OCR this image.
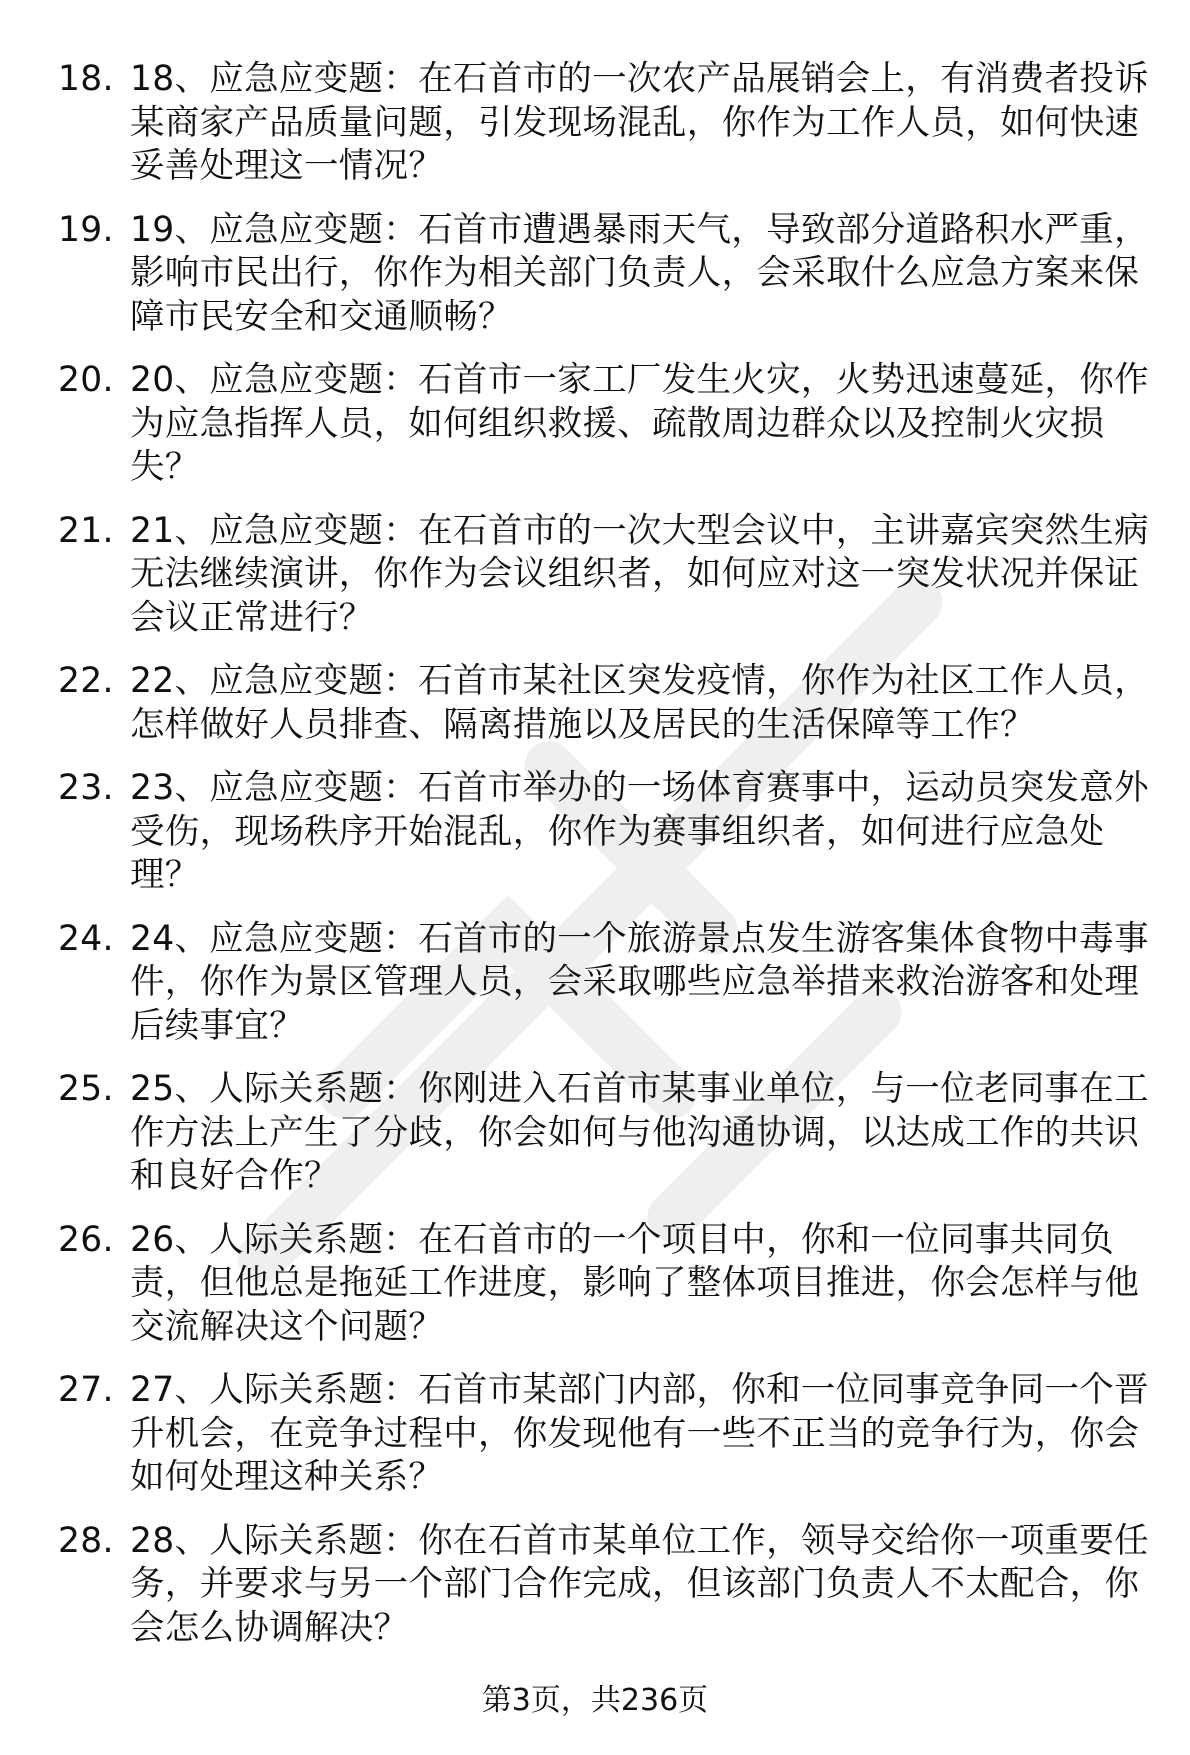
18. 18、应急应变题：在石首市的一次农产品展销会上，有消费者投诉某商家产品质量问题，引发现场混乱，你作为工作人员，如何快速妥善处理这一情况？
19. 19、应急应变题：石首市遭遇暴雨天气，导致部分道路积水严重，影响市民出行，你作为相关部门负责人，会采取什么应急方案来保障市民安全和交通顺畅？
20. 20、应急应变题：石首市一家工厂发生火灾，火势迅速蔓延，你作为应急指挥人员，如何组织救援、疏散周边群众以及控制火灾损失？
21. 21、应急应变题：在石首市的一次大型会议中，主讲嘉宾突然生病无法继续演讲，你作为会议组织者，如何应对这一突发状况并保证会议正常进行？
22. 22、应急应变题：石首市某社区突发疫情，你作为社区工作人员，怎样做好人员排查、隔离措施以及居民的生活保障等工作？
23. 23、应急应变题：石首市举办的一场体育赛事中，运动员突发意外受伤，现场秩序开始混乱，你作为赛事组织者，如何进行应急处理？
24. 24、应急应变题：石首市的一个旅游景点发生游客集体食物中毒事件，你作为景区管理人员，会采取哪些应急举措来救治游客和处理后续事宜？
25. 25、人际关系题：你刚进入石首市某事业单位，与一位老同事在工作方法上产生了分歧，你会如何与他沟通协调，以达成工作的共识和良好合作？
26. 26、人际关系题：在石首市的一个项目中，你和一位同事共同负责，但他总是拖延工作进度，影响了整体项目推进，你会怎样与他交流解决这个问题？
27. 27、人际关系题：石首市某部门内部，你和一位同事竞争同一个晋升机会，在竞争过程中，你发现他有一些不正当的竞争行为，你会如何处理这种关系？
28. 28、人际关系题：你在石首市某单位工作，领导交给你一项重要任务，并要求与另一个部门合作完成，但该部门负责人不太配合，你会怎么协调解决？
第3页，共236页
